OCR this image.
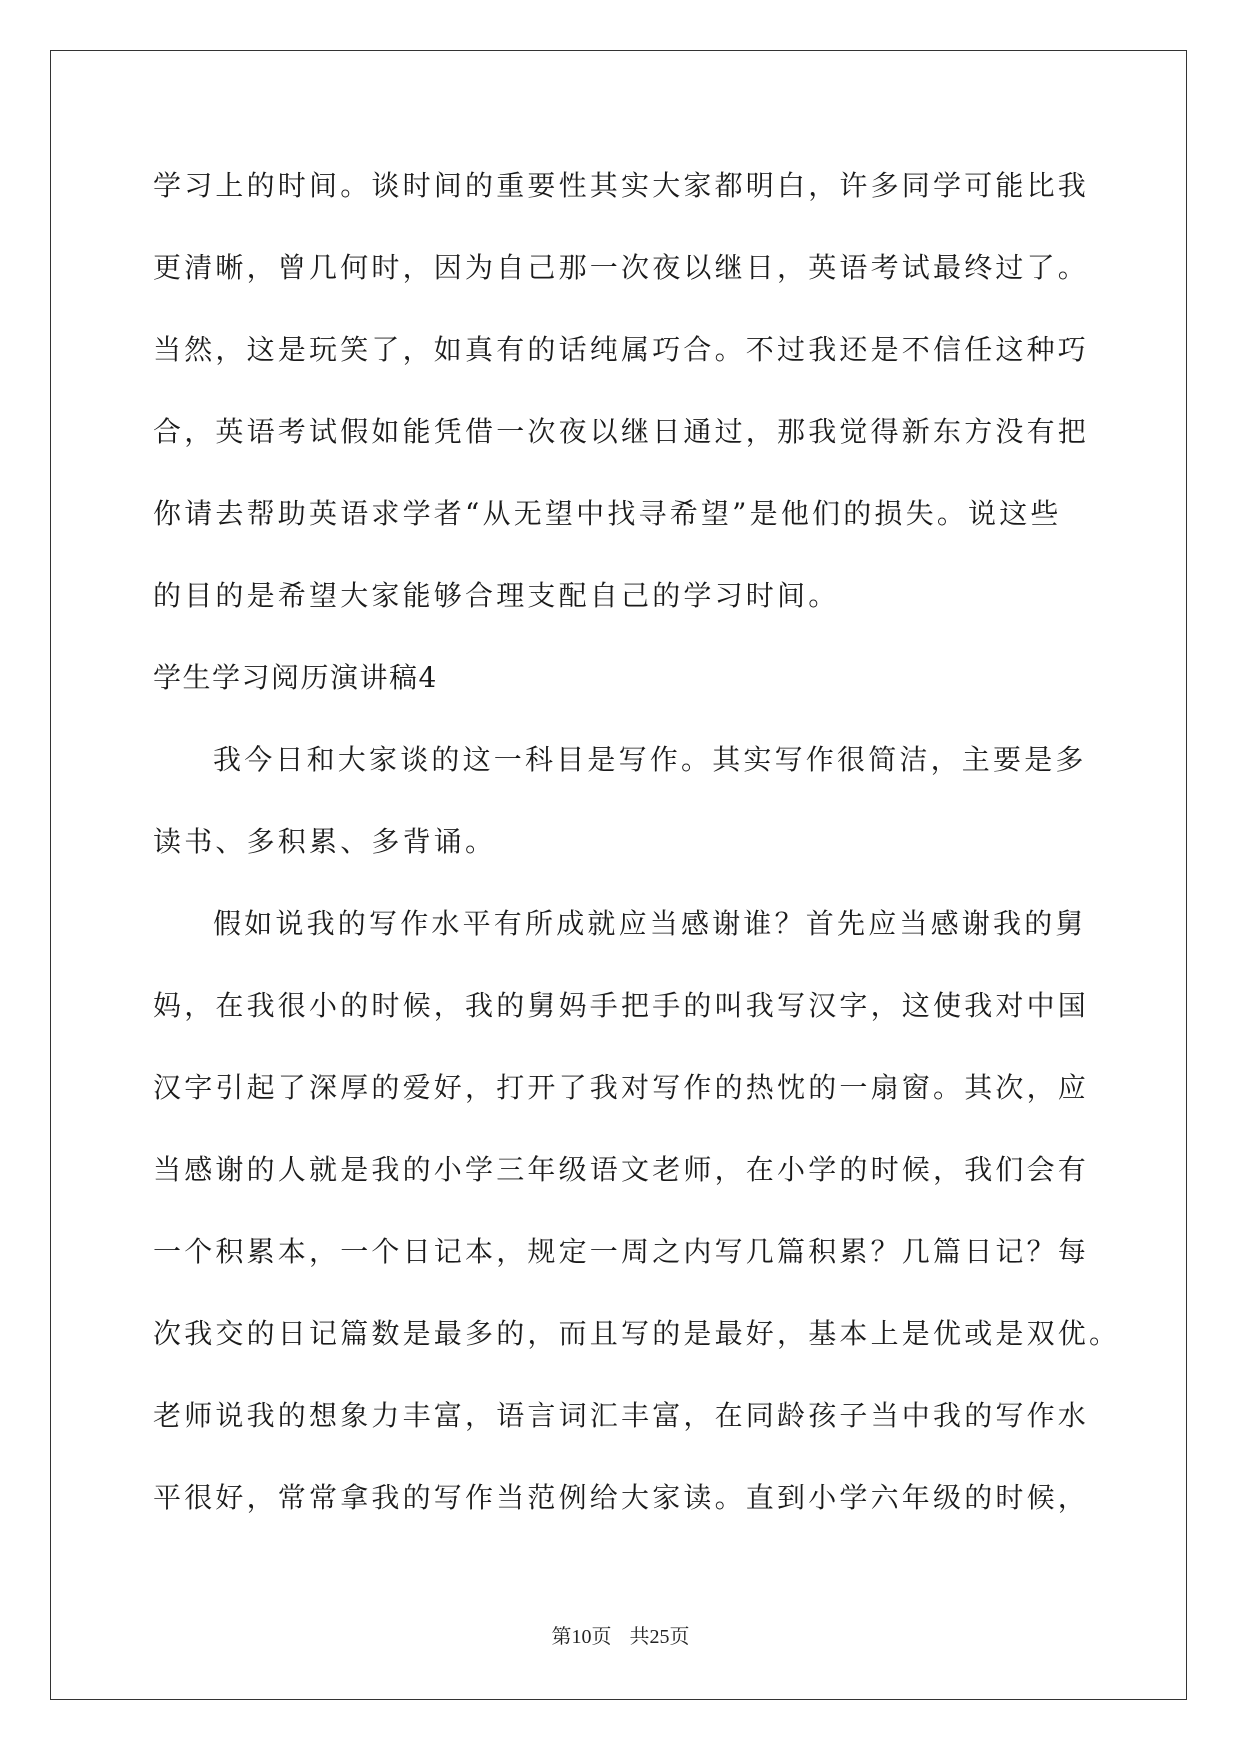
学习上的时间。谈时间的重要性其实大家都明白，许多同学可能比我
更清晰，曾几何时，因为自己那一次夜以继日，英语考试最终过了。
当然，这是玩笑了，如真有的话纯属巧合。不过我还是不信任这种巧
合，英语考试假如能凭借一次夜以继日通过，那我觉得新东方没有把
你请去帮助英语求学者“从无望中找寻希望”是他们的损失。说这些
的目的是希望大家能够合理支配自己的学习时间。
学生学习阅历演讲稿4
我今日和大家谈的这一科目是写作。其实写作很简洁，主要是多
读书、多积累、多背诵。
假如说我的写作水平有所成就应当感谢谁？首先应当感谢我的舅
妈，在我很小的时候，我的舅妈手把手的叫我写汉字，这使我对中国
汉字引起了深厚的爱好，打开了我对写作的热忱的一扇窗。其次，应
当感谢的人就是我的小学三年级语文老师，在小学的时候，我们会有
一个积累本，一个日记本，规定一周之内写几篇积累？几篇日记？每
次我交的日记篇数是最多的，而且写的是最好，基本上是优或是双优。
老师说我的想象力丰富，语言词汇丰富，在同龄孩子当中我的写作水
平很好，常常拿我的写作当范例给大家读。直到小学六年级的时候，
第10页 共25页
